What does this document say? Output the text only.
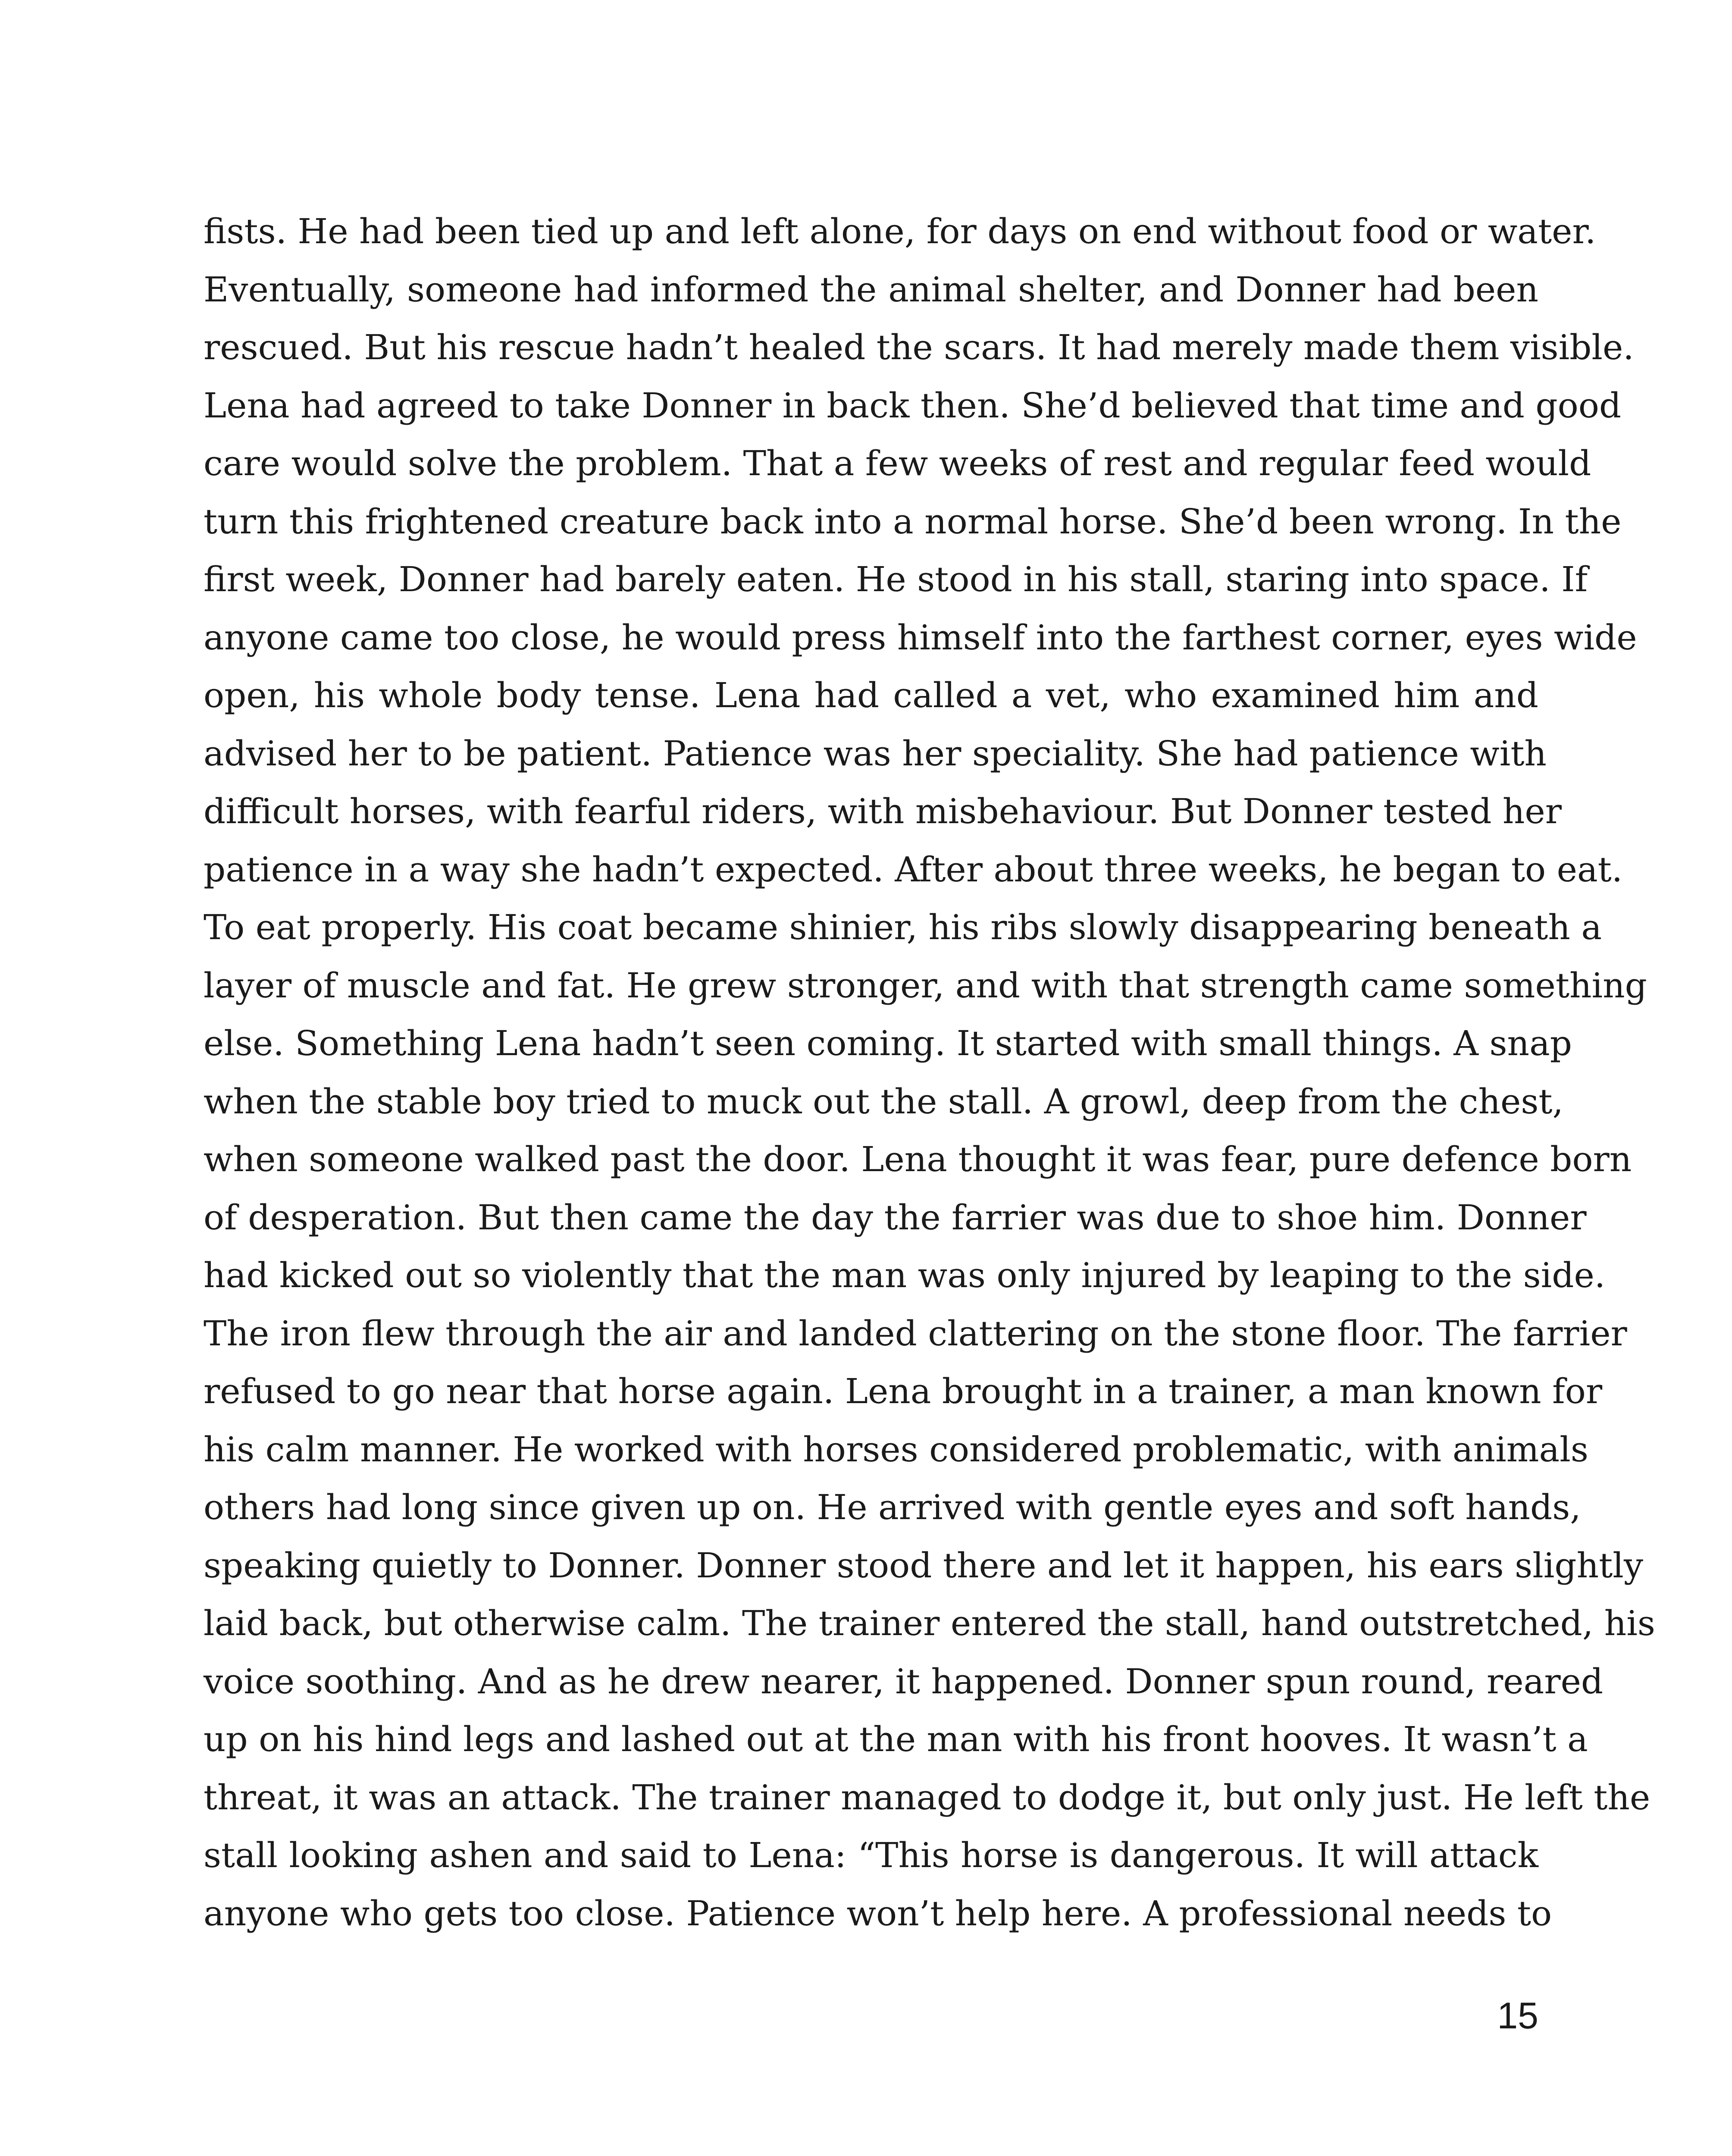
fists. He had been tied up and left alone, for days on end without food or water.
Eventually, someone had informed the animal shelter, and Donner had been
rescued. But his rescue hadn’t healed the scars. It had merely made them visible.
Lena had agreed to take Donner in back then. She’d believed that time and good
care would solve the problem. That a few weeks of rest and regular feed would
turn this frightened creature back into a normal horse. She’d been wrong. In the
first week, Donner had barely eaten. He stood in his stall, staring into space. If
anyone came too close, he would press himself into the farthest corner, eyes wide
open, his whole body tense. Lena had called a vet, who examined him and
advised her to be patient. Patience was her speciality. She had patience with
difficult horses, with fearful riders, with misbehaviour. But Donner tested her
patience in a way she hadn’t expected. After about three weeks, he began to eat.
To eat properly. His coat became shinier, his ribs slowly disappearing beneath a
layer of muscle and fat. He grew stronger, and with that strength came something
else. Something Lena hadn’t seen coming. It started with small things. A snap
when the stable boy tried to muck out the stall. A growl, deep from the chest,
when someone walked past the door. Lena thought it was fear, pure defence born
of desperation. But then came the day the farrier was due to shoe him. Donner
had kicked out so violently that the man was only injured by leaping to the side.
The iron flew through the air and landed clattering on the stone floor. The farrier
refused to go near that horse again. Lena brought in a trainer, a man known for
his calm manner. He worked with horses considered problematic, with animals
others had long since given up on. He arrived with gentle eyes and soft hands,
speaking quietly to Donner. Donner stood there and let it happen, his ears slightly
laid back, but otherwise calm. The trainer entered the stall, hand outstretched, his
voice soothing. And as he drew nearer, it happened. Donner spun round, reared
up on his hind legs and lashed out at the man with his front hooves. It wasn’t a
threat, it was an attack. The trainer managed to dodge it, but only just. He left the
stall looking ashen and said to Lena: “This horse is dangerous. It will attack
anyone who gets too close. Patience won’t help here. A professional needs to
15
